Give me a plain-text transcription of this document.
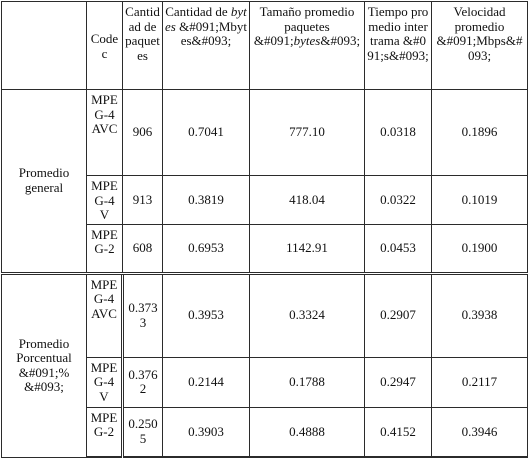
	Codec	Cantidad de paquetes	Cantidad de bytes &#091;Mbytes&#093;	Tamaño promedio paquetes &#091;bytes&#093;	Tiempo promedio intertrama &#091;s&#093;	Velocidad promedio &#091;Mbps&#093;
Promedio general	MPEG-4 AVC	906	0.7041	777.10	0.0318	0.1896
	MPEG-4 V	913	0.3819	418.04	0.0322	0.1019
	MPEG-2	608	0.6953	1142.91	0.0453	0.1900
Promedio Porcentual &#091;% &#093;	MPEG-4 AVC	0.3733	0.3953	0.3324	0.2907	0.3938
	MPEG-4 V	0.3762	0.2144	0.1788	0.2947	0.2117
	MPEG-2	0.2505	0.3903	0.4888	0.4152	0.3946
